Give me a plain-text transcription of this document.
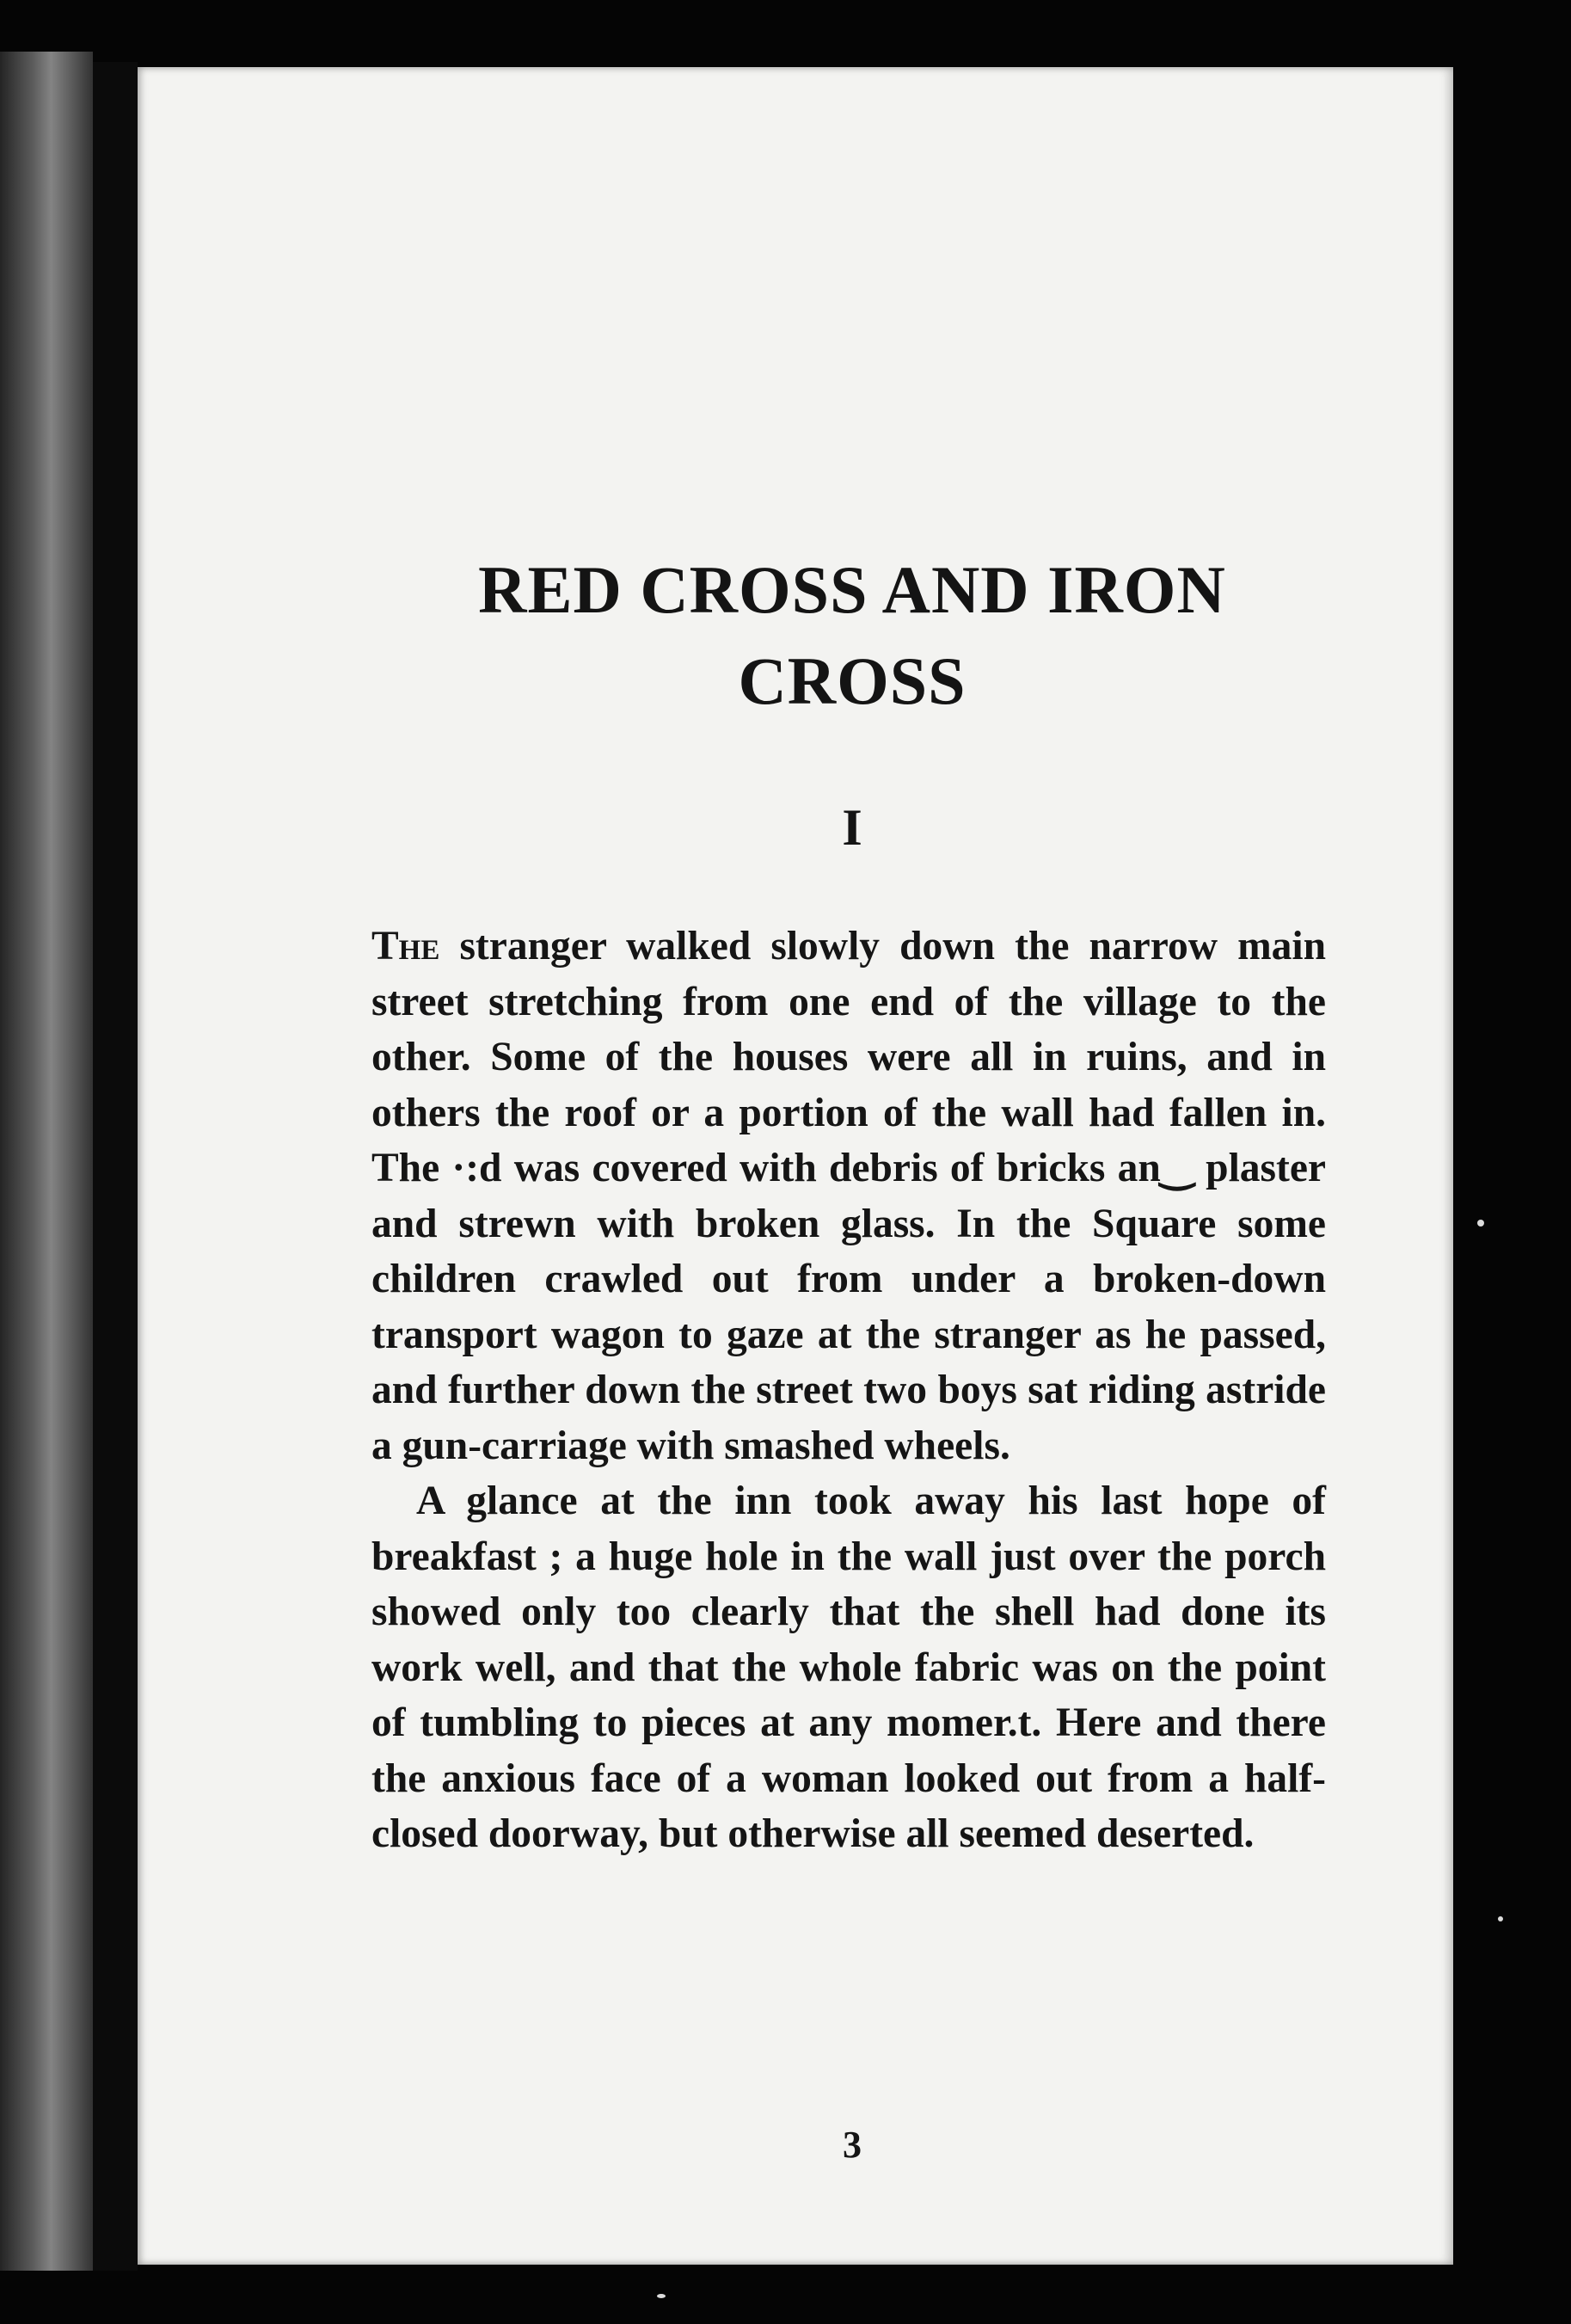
RED CROSS AND IRON
CROSS
I

The stranger walked slowly down the narrow main street stretching from one end of the village to the other. Some of the houses were all in ruins, and in others the roof or a portion of the wall had fallen in. The ·:d was covered with debris of bricks an‿ plaster and strewn with broken glass. In the Square some children crawled out from under a broken-down transport wagon to gaze at the stranger as he passed, and further down the street two boys sat riding astride a gun-carriage with smashed wheels.

A glance at the inn took away his last hope of breakfast ; a huge hole in the wall just over the porch showed only too clearly that the shell had done its work well, and that the whole fabric was on the point of tumbling to pieces at any momer.t. Here and there the anxious face of a woman looked out from a half-closed doorway, but otherwise all seemed deserted.

3
